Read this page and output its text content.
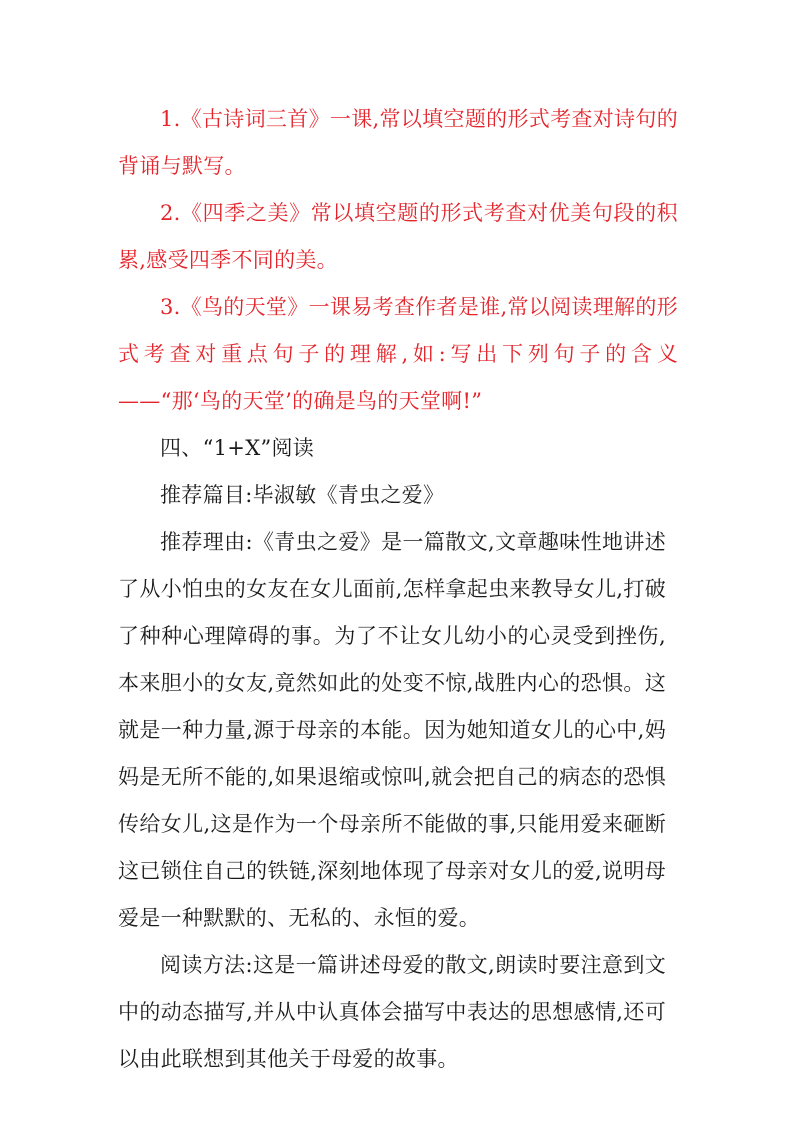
1.《古诗词三首》一课,常以填空题的形式考查对诗句的背诵与默写。

2.《四季之美》常以填空题的形式考查对优美句段的积累,感受四季不同的美。

3.《鸟的天堂》一课易考查作者是谁,常以阅读理解的形式考查对重点句子的理解,如:写出下列句子的含义——“那‘鸟的天堂’的确是鸟的天堂啊!”

四、“1+X”阅读

推荐篇目:毕淑敏《青虫之爱》

推荐理由:《青虫之爱》是一篇散文,文章趣味性地讲述了从小怕虫的女友在女儿面前,怎样拿起虫来教导女儿,打破了种种心理障碍的事。为了不让女儿幼小的心灵受到挫伤,本来胆小的女友,竟然如此的处变不惊,战胜内心的恐惧。这就是一种力量,源于母亲的本能。因为她知道女儿的心中,妈妈是无所不能的,如果退缩或惊叫,就会把自己的病态的恐惧传给女儿,这是作为一个母亲所不能做的事,只能用爱来砸断这已锁住自己的铁链,深刻地体现了母亲对女儿的爱,说明母爱是一种默默的、无私的、永恒的爱。

阅读方法:这是一篇讲述母爱的散文,朗读时要注意到文中的动态描写,并从中认真体会描写中表达的思想感情,还可以由此联想到其他关于母爱的故事。
